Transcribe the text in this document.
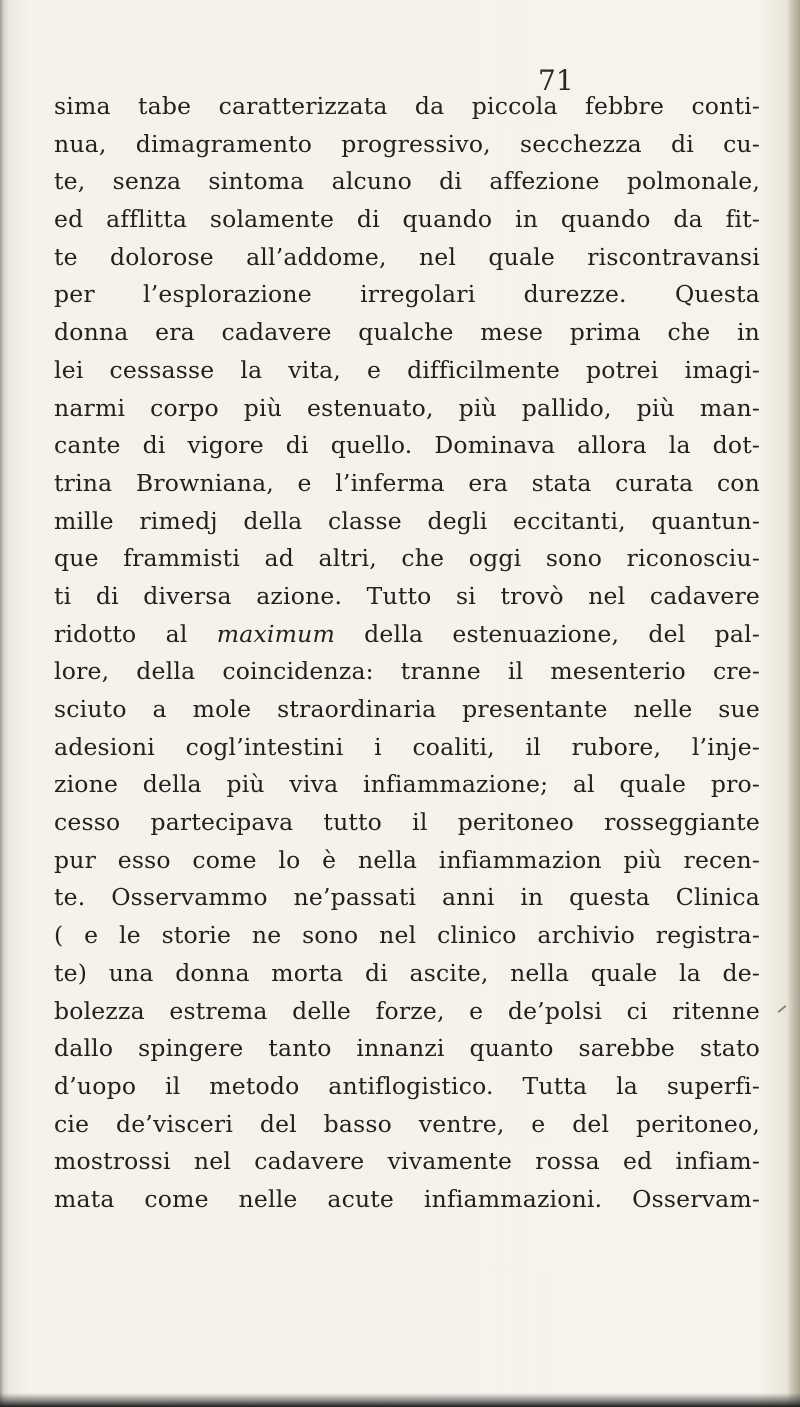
71
sima tabe caratterizzata da piccola febbre conti-
nua, dimagramento progressivo, secchezza di cu-
te, senza sintoma alcuno di affezione polmonale,
ed afflitta solamente di quando in quando da fit-
te dolorose all’addome, nel quale riscontravansi
per l’esplorazione irregolari durezze. Questa
donna era cadavere qualche mese prima che in
lei cessasse la vita, e difficilmente potrei imagi-
narmi corpo più estenuato, più pallido, più man-
cante di vigore di quello. Dominava allora la dot-
trina Browniana, e l’inferma era stata curata con
mille rimedj della classe degli eccitanti, quantun-
que frammisti ad altri, che oggi sono riconosciu-
ti di diversa azione. Tutto si trovò nel cadavere
ridotto al maximum della estenuazione, del pal-
lore, della coincidenza: tranne il mesenterio cre-
sciuto a mole straordinaria presentante nelle sue
adesioni cogl’intestini i coaliti, il rubore, l’inje-
zione della più viva infiammazione; al quale pro-
cesso partecipava tutto il peritoneo rosseggiante
pur esso come lo è nella infiammazion più recen-
te. Osservammo ne’passati anni in questa Clinica
( e le storie ne sono nel clinico archivio registra-
te) una donna morta di ascite, nella quale la de-
bolezza estrema delle forze, e de’polsi ci ritenne
dallo spingere tanto innanzi quanto sarebbe stato
d’uopo il metodo antiflogistico. Tutta la superfi-
cie de’visceri del basso ventre, e del peritoneo,
mostrossi nel cadavere vivamente rossa ed infiam-
mata come nelle acute infiammazioni. Osservam-
